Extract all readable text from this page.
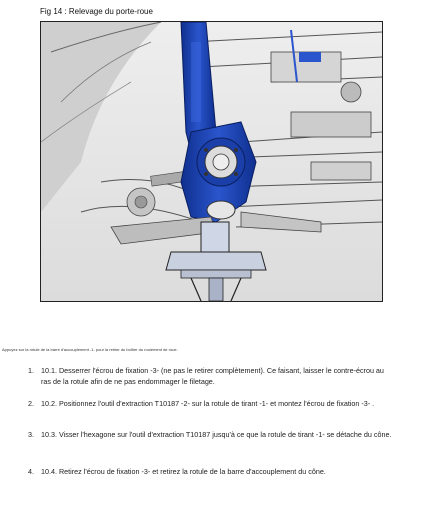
Fig 14 : Relevage du porte-roue
Appuyez sur la rotule de la barre d'accouplement -1- pour la retirer du boîtier du roulement de roue.
1. 10.1. Desserrer l'écrou de fixation -3- (ne pas le retirer complètement). Ce faisant, laisser le contre-écrou au ras de la rotule afin de ne pas endommager le filetage.
2. 10.2. Positionnez l'outil d'extraction T10187 -2- sur la rotule de tirant -1- et montez l'écrou de fixation -3- .
3. 10.3. Visser l'hexagone sur l'outil d'extraction T10187 jusqu'à ce que la rotule de tirant -1- se détache du cône.
4. 10.4. Retirez l'écrou de fixation -3- et retirez la rotule de la barre d'accouplement du cône.
